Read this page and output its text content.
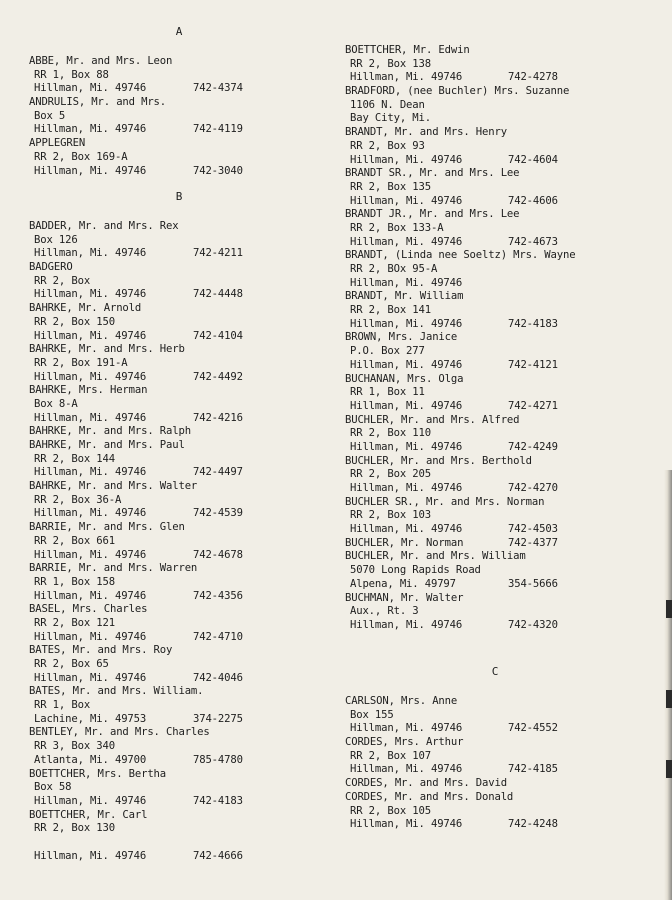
A
ABBE, Mr. and Mrs. Leon
RR 1, Box 88
Hillman, Mi. 49746	742-4374
ANDRULIS, Mr. and Mrs.
Box 5
Hillman, Mi. 49746	742-4119
APPLEGREN
RR 2, Box 169-A
Hillman, Mi. 49746	742-3040
B
BADDER, Mr. and Mrs. Rex
Box 126
Hillman, Mi. 49746	742-4211
BADGERO
RR 2, Box
Hillman, Mi. 49746	742-4448
BAHRKE, Mr. Arnold
RR 2, Box 150
Hillman, Mi. 49746	742-4104
BAHRKE, Mr. and Mrs. Herb
RR 2, Box 191-A
Hillman, Mi. 49746	742-4492
BAHRKE, Mrs. Herman
Box 8-A
Hillman, Mi. 49746	742-4216
BAHRKE, Mr. and Mrs. Ralph
BAHRKE, Mr. and Mrs. Paul
RR 2, Box 144
Hillman, Mi. 49746	742-4497
BAHRKE, Mr. and Mrs. Walter
RR 2, Box 36-A
Hillman, Mi. 49746	742-4539
BARRIE, Mr. and Mrs. Glen
RR 2, Box 661
Hillman, Mi. 49746	742-4678
BARRIE, Mr. and Mrs. Warren
RR 1, Box 158
Hillman, Mi. 49746	742-4356
BASEL, Mrs. Charles
RR 2, Box 121
Hillman, Mi. 49746	742-4710
BATES, Mr. and Mrs. Roy
RR 2, Box 65
Hillman, Mi. 49746	742-4046
BATES, Mr. and Mrs. William.
RR 1, Box
Lachine, Mi. 49753	374-2275
BENTLEY, Mr. and Mrs. Charles
RR 3, Box 340
Atlanta, Mi. 49700	785-4780
BOETTCHER, Mrs. Bertha
Box 58
Hillman, Mi. 49746	742-4183
BOETTCHER, Mr. Carl
RR 2, Box 130
Hillman, Mi. 49746	742-4666
BOETTCHER, Mr. Edwin
RR 2, Box 138
Hillman, Mi. 49746	742-4278
BRADFORD, (nee Buchler) Mrs. Suzanne
1106 N. Dean
Bay City, Mi.
BRANDT, Mr. and Mrs. Henry
RR 2, Box 93
Hillman, Mi. 49746	742-4604
BRANDT SR., Mr. and Mrs. Lee
RR 2, Box 135
Hillman, Mi. 49746	742-4606
BRANDT JR., Mr. and Mrs. Lee
RR 2, Box 133-A
Hillman, Mi. 49746	742-4673
BRANDT, (Linda nee Soeltz) Mrs. Wayne
RR 2, BOx 95-A
Hillman, Mi. 49746
BRANDT, Mr. William
RR 2, Box 141
Hillman, Mi. 49746	742-4183
BROWN, Mrs. Janice
P.O. Box 277
Hillman, Mi. 49746	742-4121
BUCHANAN, Mrs. Olga
RR 1, Box 11
Hillman, Mi. 49746	742-4271
BUCHLER, Mr. and Mrs. Alfred
RR 2, Box 110
Hillman, Mi. 49746	742-4249
BUCHLER, Mr. and Mrs. Berthold
RR 2, Box 205
Hillman, Mi. 49746	742-4270
BUCHLER SR., Mr. and Mrs. Norman
RR 2, Box 103
Hillman, Mi. 49746	742-4503
BUCHLER, Mr. Norman	742-4377
BUCHLER, Mr. and Mrs. William
5070 Long Rapids Road
Alpena, Mi. 49797	354-5666
BUCHMAN, Mr. Walter
Aux., Rt. 3
Hillman, Mi. 49746	742-4320
C
CARLSON, Mrs. Anne
Box 155
Hillman, Mi. 49746	742-4552
CORDES, Mrs. Arthur
RR 2, Box 107
Hillman, Mi. 49746	742-4185
CORDES, Mr. and Mrs. David
CORDES, Mr. and Mrs. Donald
RR 2, Box 105
Hillman, Mi. 49746	742-4248
